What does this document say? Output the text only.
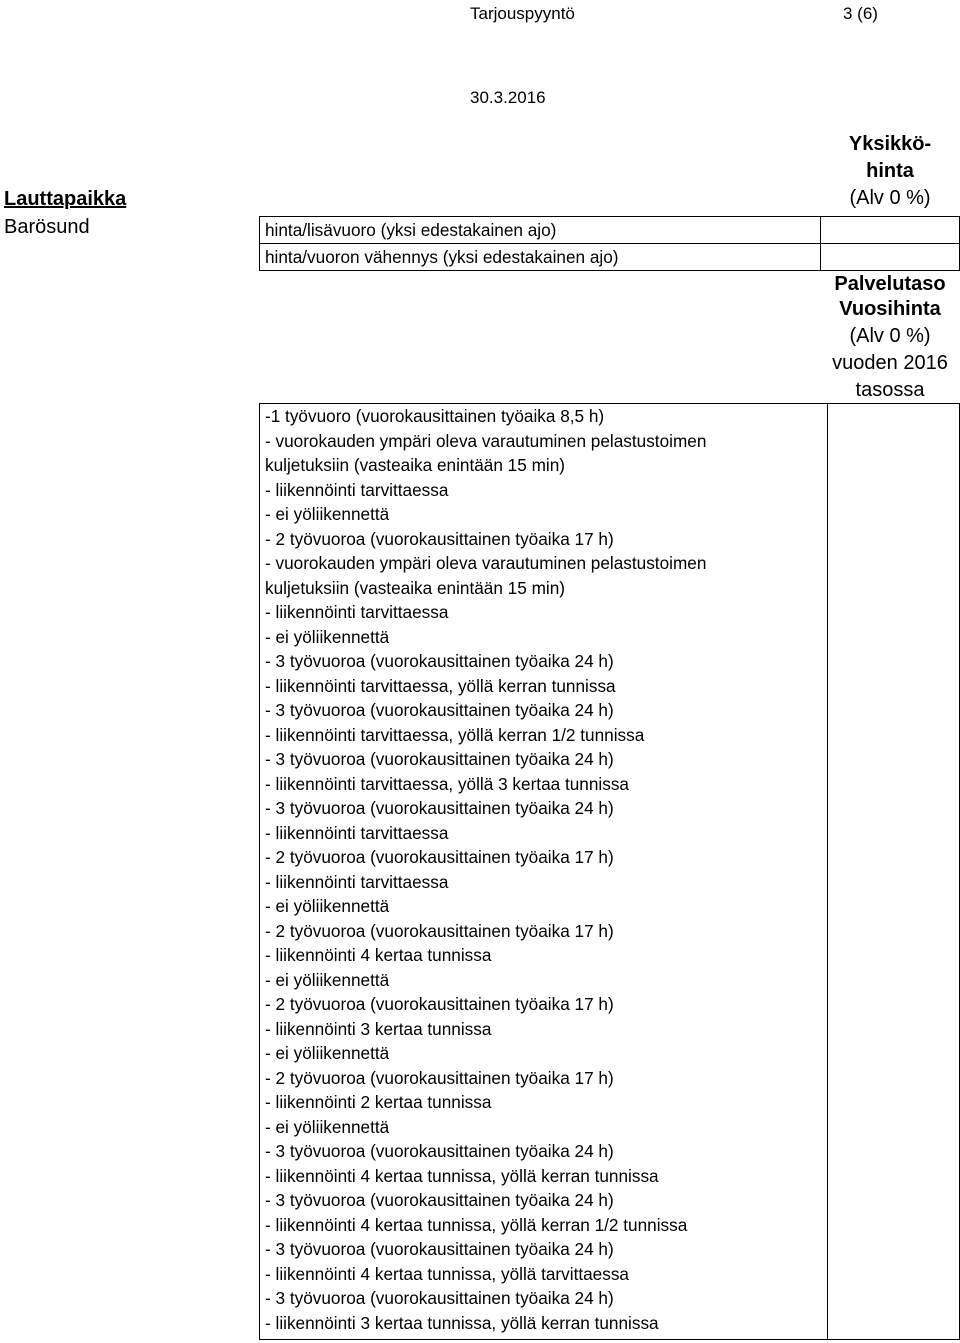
Tarjouspyyntö	3 (6)
30.3.2016
Lauttapaikka
Barösund
Yksikkö-
hinta
(Alv 0 %)
hinta/lisävuoro (yksi edestakainen ajo)
hinta/vuoron vähennys (yksi edestakainen ajo)
Palvelutaso
Vuosihinta
(Alv 0 %)
vuoden 2016
tasossa
-1 työvuoro (vuorokausittainen työaika 8,5 h)
- vuorokauden ympäri oleva varautuminen pelastustoimen
kuljetuksiin (vasteaika enintään 15 min)
- liikennöinti tarvittaessa
- ei yöliikennettä
- 2 työvuoroa (vuorokausittainen työaika 17 h)
- vuorokauden ympäri oleva varautuminen pelastustoimen
kuljetuksiin (vasteaika enintään 15 min)
- liikennöinti tarvittaessa
- ei yöliikennettä
- 3 työvuoroa (vuorokausittainen työaika 24 h)
- liikennöinti tarvittaessa, yöllä kerran tunnissa
- 3 työvuoroa (vuorokausittainen työaika 24 h)
- liikennöinti tarvittaessa, yöllä kerran 1/2 tunnissa
- 3 työvuoroa (vuorokausittainen työaika 24 h)
- liikennöinti tarvittaessa, yöllä 3 kertaa tunnissa
- 3 työvuoroa (vuorokausittainen työaika 24 h)
- liikennöinti tarvittaessa
- 2 työvuoroa (vuorokausittainen työaika 17 h)
- liikennöinti tarvittaessa
- ei yöliikennettä
- 2 työvuoroa (vuorokausittainen työaika 17 h)
- liikennöinti 4 kertaa tunnissa
- ei yöliikennettä
- 2 työvuoroa (vuorokausittainen työaika 17 h)
- liikennöinti 3 kertaa tunnissa
- ei yöliikennettä
- 2 työvuoroa (vuorokausittainen työaika 17 h)
- liikennöinti 2 kertaa tunnissa
- ei yöliikennettä
- 3 työvuoroa (vuorokausittainen työaika 24 h)
- liikennöinti 4 kertaa tunnissa, yöllä kerran tunnissa
- 3 työvuoroa (vuorokausittainen työaika 24 h)
- liikennöinti 4 kertaa tunnissa, yöllä kerran 1/2 tunnissa
- 3 työvuoroa (vuorokausittainen työaika 24 h)
- liikennöinti 4 kertaa tunnissa, yöllä tarvittaessa
- 3 työvuoroa (vuorokausittainen työaika 24 h)
- liikennöinti 3 kertaa tunnissa, yöllä kerran tunnissa
